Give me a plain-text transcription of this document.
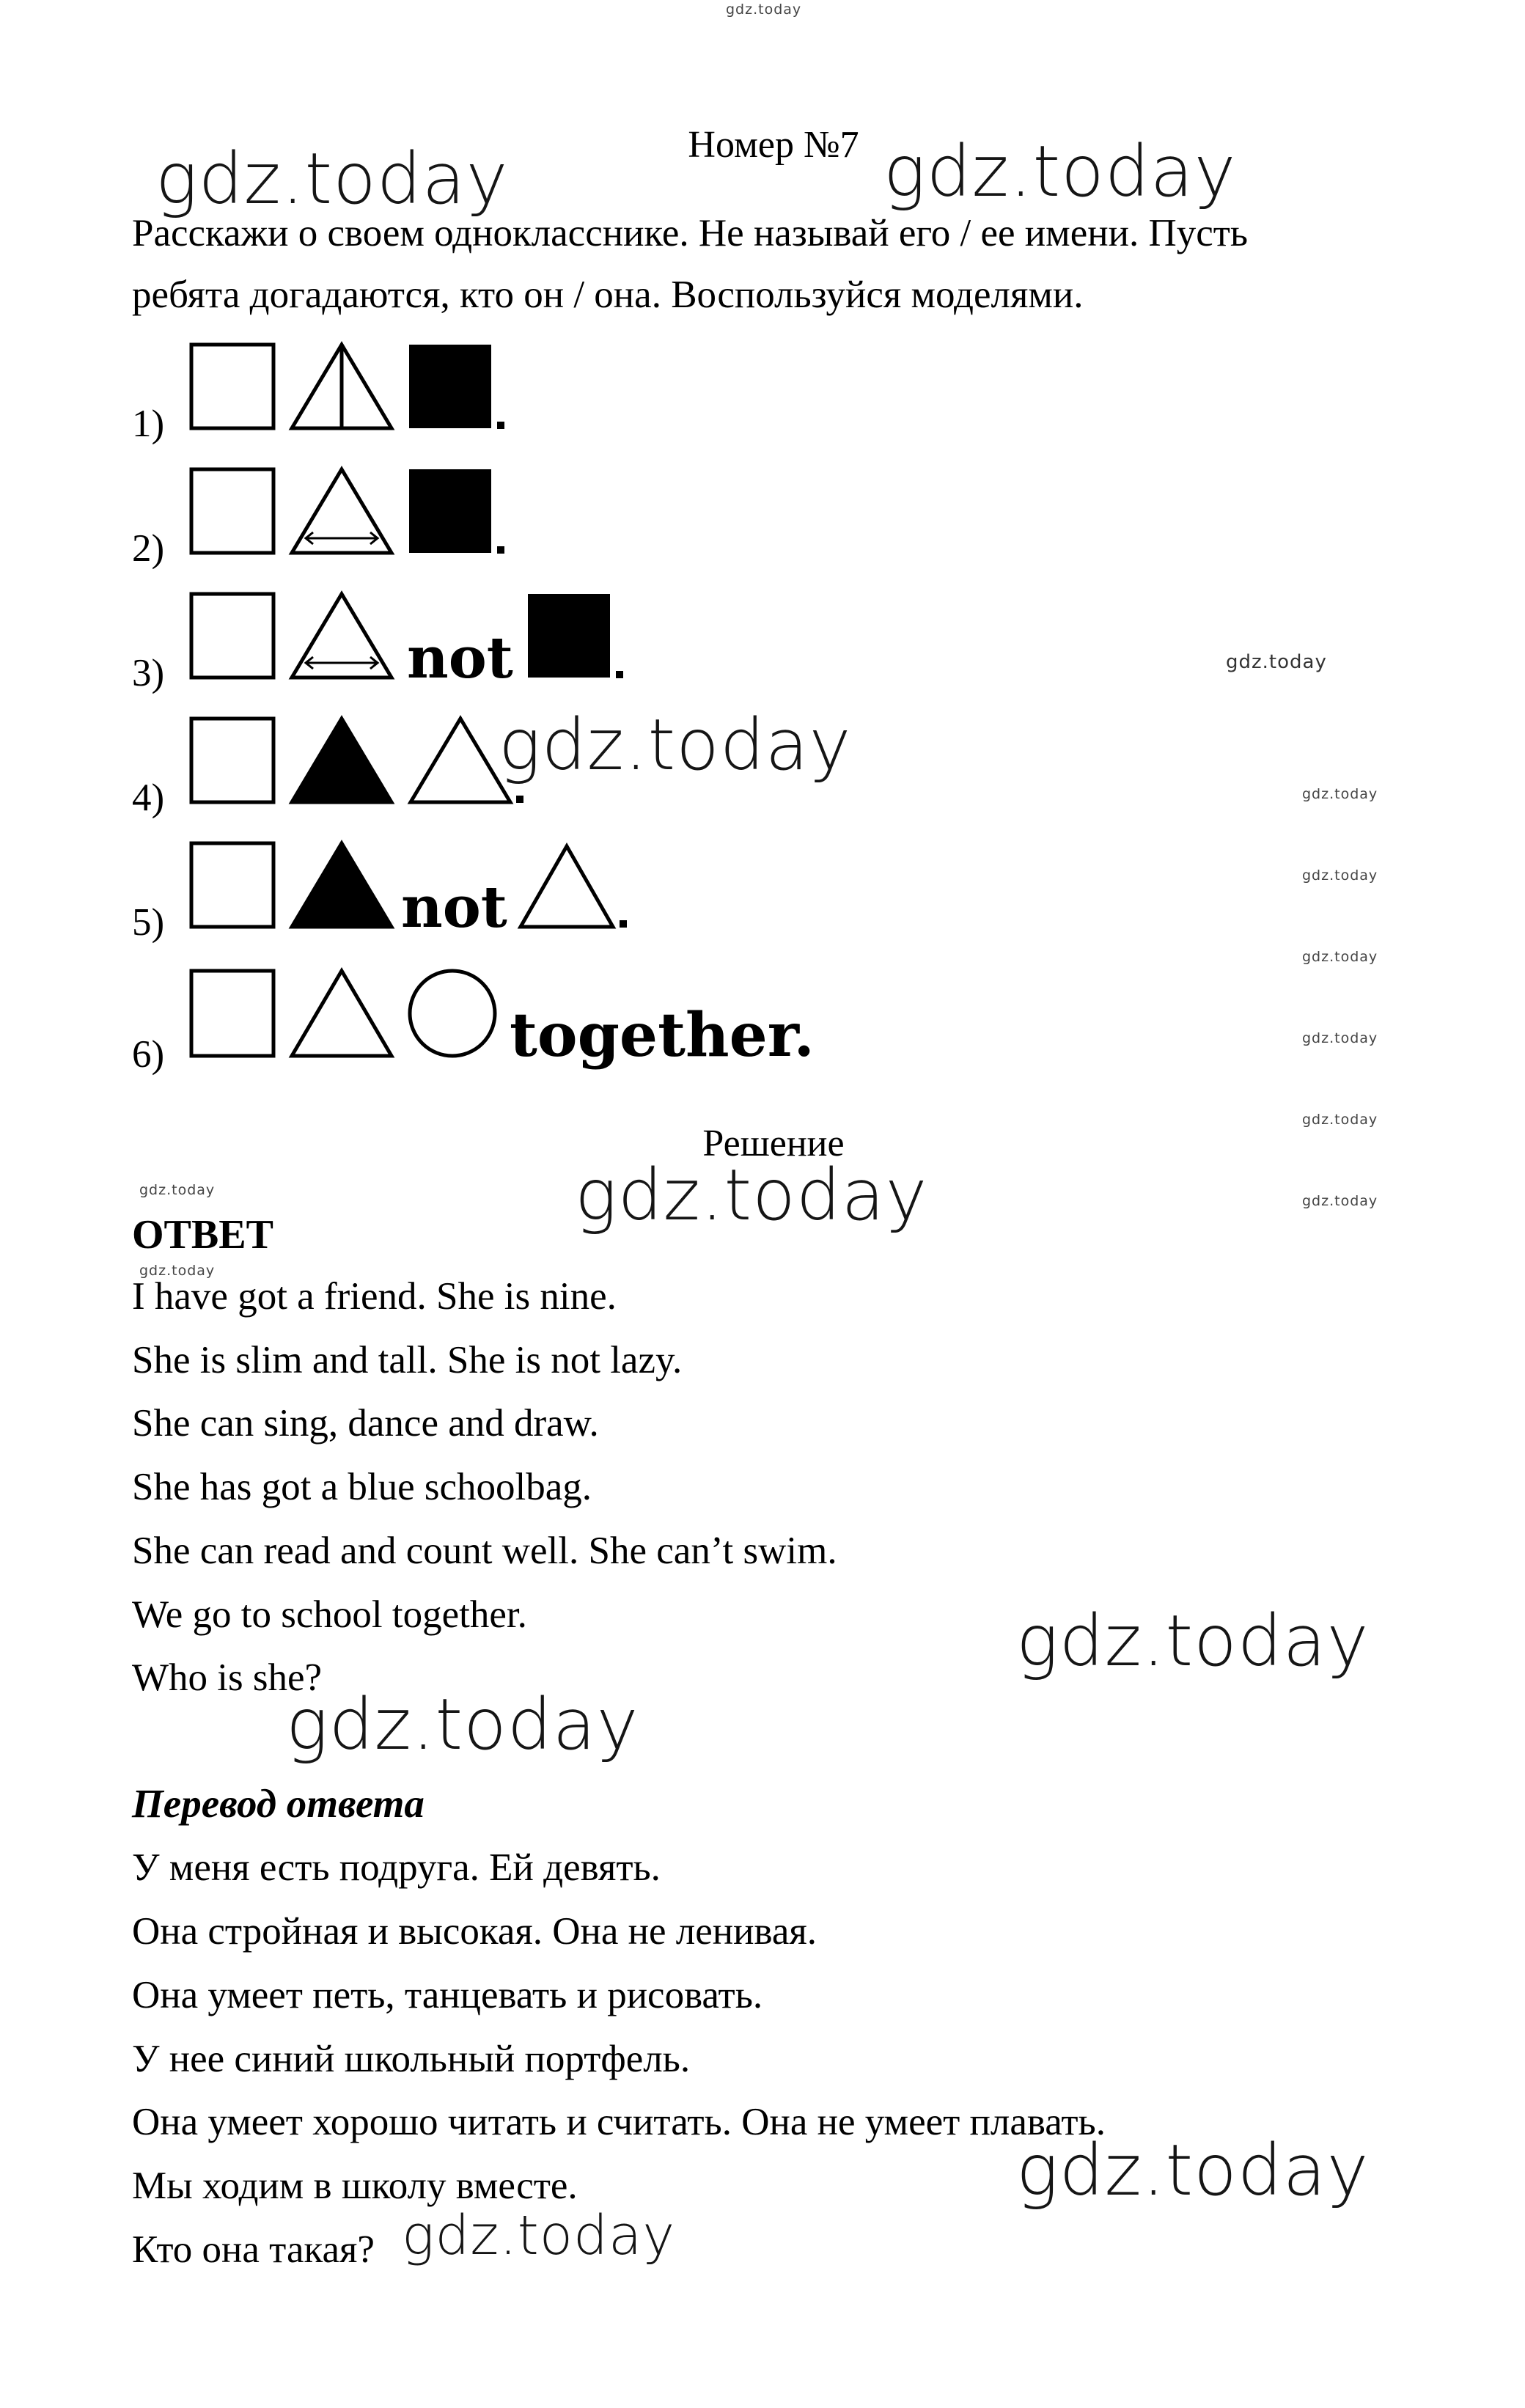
Номер №7
Расскажи о своем однокласснике. Не называй его / ее имени. Пусть
ребята догадаются, кто он / она. Воспользуйся моделями.
1)
2)
3)	not
4)
5)	not
6)	together.
Решение
ОТВЕТ
I have got a friend. She is nine.
She is slim and tall. She is not lazy.
She can sing, dance and draw.
She has got a blue schoolbag.
She can read and count well. She can’t swim.
We go to school together.
Who is she?
Перевод ответа
У меня есть подруга. Ей девять.
Она стройная и высокая. Она не ленивая.
Она умеет петь, танцевать и рисовать.
У нее синий школьный портфель.
Она умеет хорошо читать и считать. Она не умеет плавать.
Мы ходим в школу вместе.
Кто она такая?
gdz.today
gdz.today	gdz.today
gdz.today
gdz.today
gdz.today
gdz.today
gdz.today
gdz.today
gdz.today
gdz.today
gdz.today
gdz.today
gdz.today
gdz.today
gdz.today
gdz.today
gdz.today
